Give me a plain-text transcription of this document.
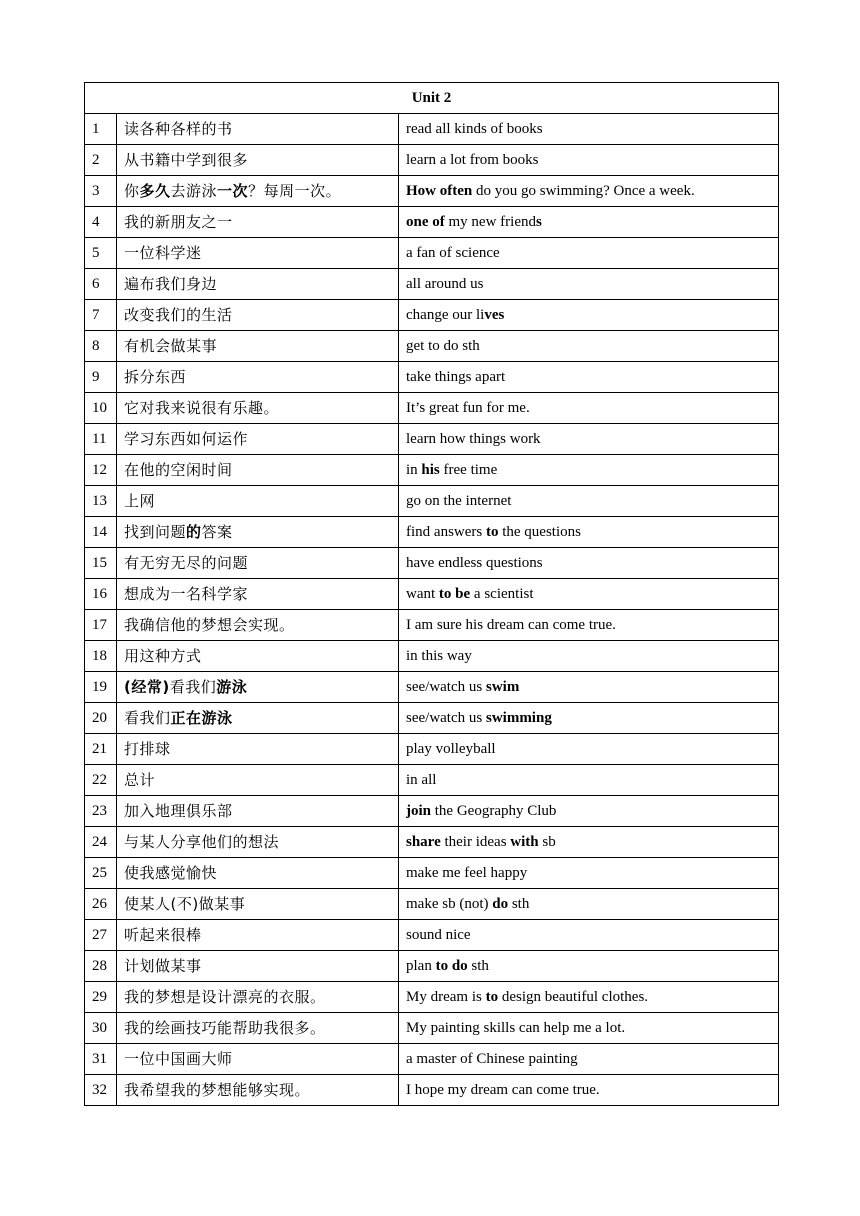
Unit 2		
1	读各种各样的书	read all kinds of books
2	从书籍中学到很多	learn a lot from books
3	你多久去游泳一次？每周一次。	How often do you go swimming? Once a week.
4	我的新朋友之一	one of my new friends
5	一位科学迷	a fan of science
6	遍布我们身边	all around us
7	改变我们的生活	change our lives
8	有机会做某事	get to do sth
9	拆分东西	take things apart
10	它对我来说很有乐趣。	It’s great fun for me.
11	学习东西如何运作	learn how things work
12	在他的空闲时间	in his free time
13	上网	go on the internet
14	找到问题的答案	find answers to the questions
15	有无穷无尽的问题	have endless questions
16	想成为一名科学家	want to be a scientist
17	我确信他的梦想会实现。	I am sure his dream can come true.
18	用这种方式	in this way
19	(经常)看我们游泳	see/watch us swim
20	看我们正在游泳	see/watch us swimming
21	打排球	play volleyball
22	总计	in all
23	加入地理俱乐部	join the Geography Club
24	与某人分享他们的想法	share their ideas with sb
25	使我感觉愉快	make me feel happy
26	使某人(不)做某事	make sb (not) do sth
27	听起来很棒	sound nice
28	计划做某事	plan to do sth
29	我的梦想是设计漂亮的衣服。	My dream is to design beautiful clothes.
30	我的绘画技巧能帮助我很多。	My painting skills can help me a lot.
31	一位中国画大师	a master of Chinese painting
32	我希望我的梦想能够实现。	I hope my dream can come true.
